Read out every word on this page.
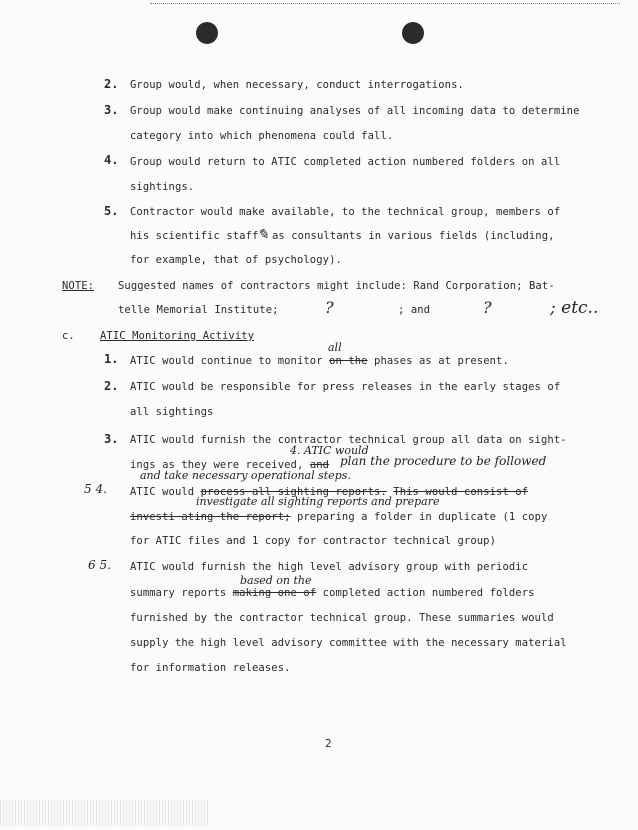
2. Group would, when necessary, conduct interrogations.
3. Group would make continuing analyses of all incoming data to determine
category into which phenomena could fall.
4. Group would return to ATIC completed action numbered folders on all
sightings.
5. Contractor would make available, to the technical group, members of
his scientific staff
✎ as consultants in various fields (including,
for example, that of psychology).
NOTE: Suggested names of contractors might include: Rand Corporation; Bat-
telle Memorial Institute;	?	; and	?	; etc..
c. ATIC Monitoring Activity
1.
all
ATIC would continue to monitor on the phases as at present.
2. ATIC would be responsible for press releases in the early stages of
all sightings
3. ATIC would furnish the contractor technical group all data on sight-
4. ATIC would
ings as they were received, and plan the procedure to be followed
and take necessary operational steps.
5 4. ATIC would process all sighting reports. This would consist of
investigate all sighting reports and prepare
investi ating the report; preparing a folder in duplicate (1 copy
for ATIC files and 1 copy for contractor technical group)
6 5. ATIC would furnish the high level advisory group with periodic
based on the
summary reports making one of completed action numbered folders
furnished by the contractor technical group. These summaries would
supply the high level advisory committee with the necessary material
for information releases.
2
